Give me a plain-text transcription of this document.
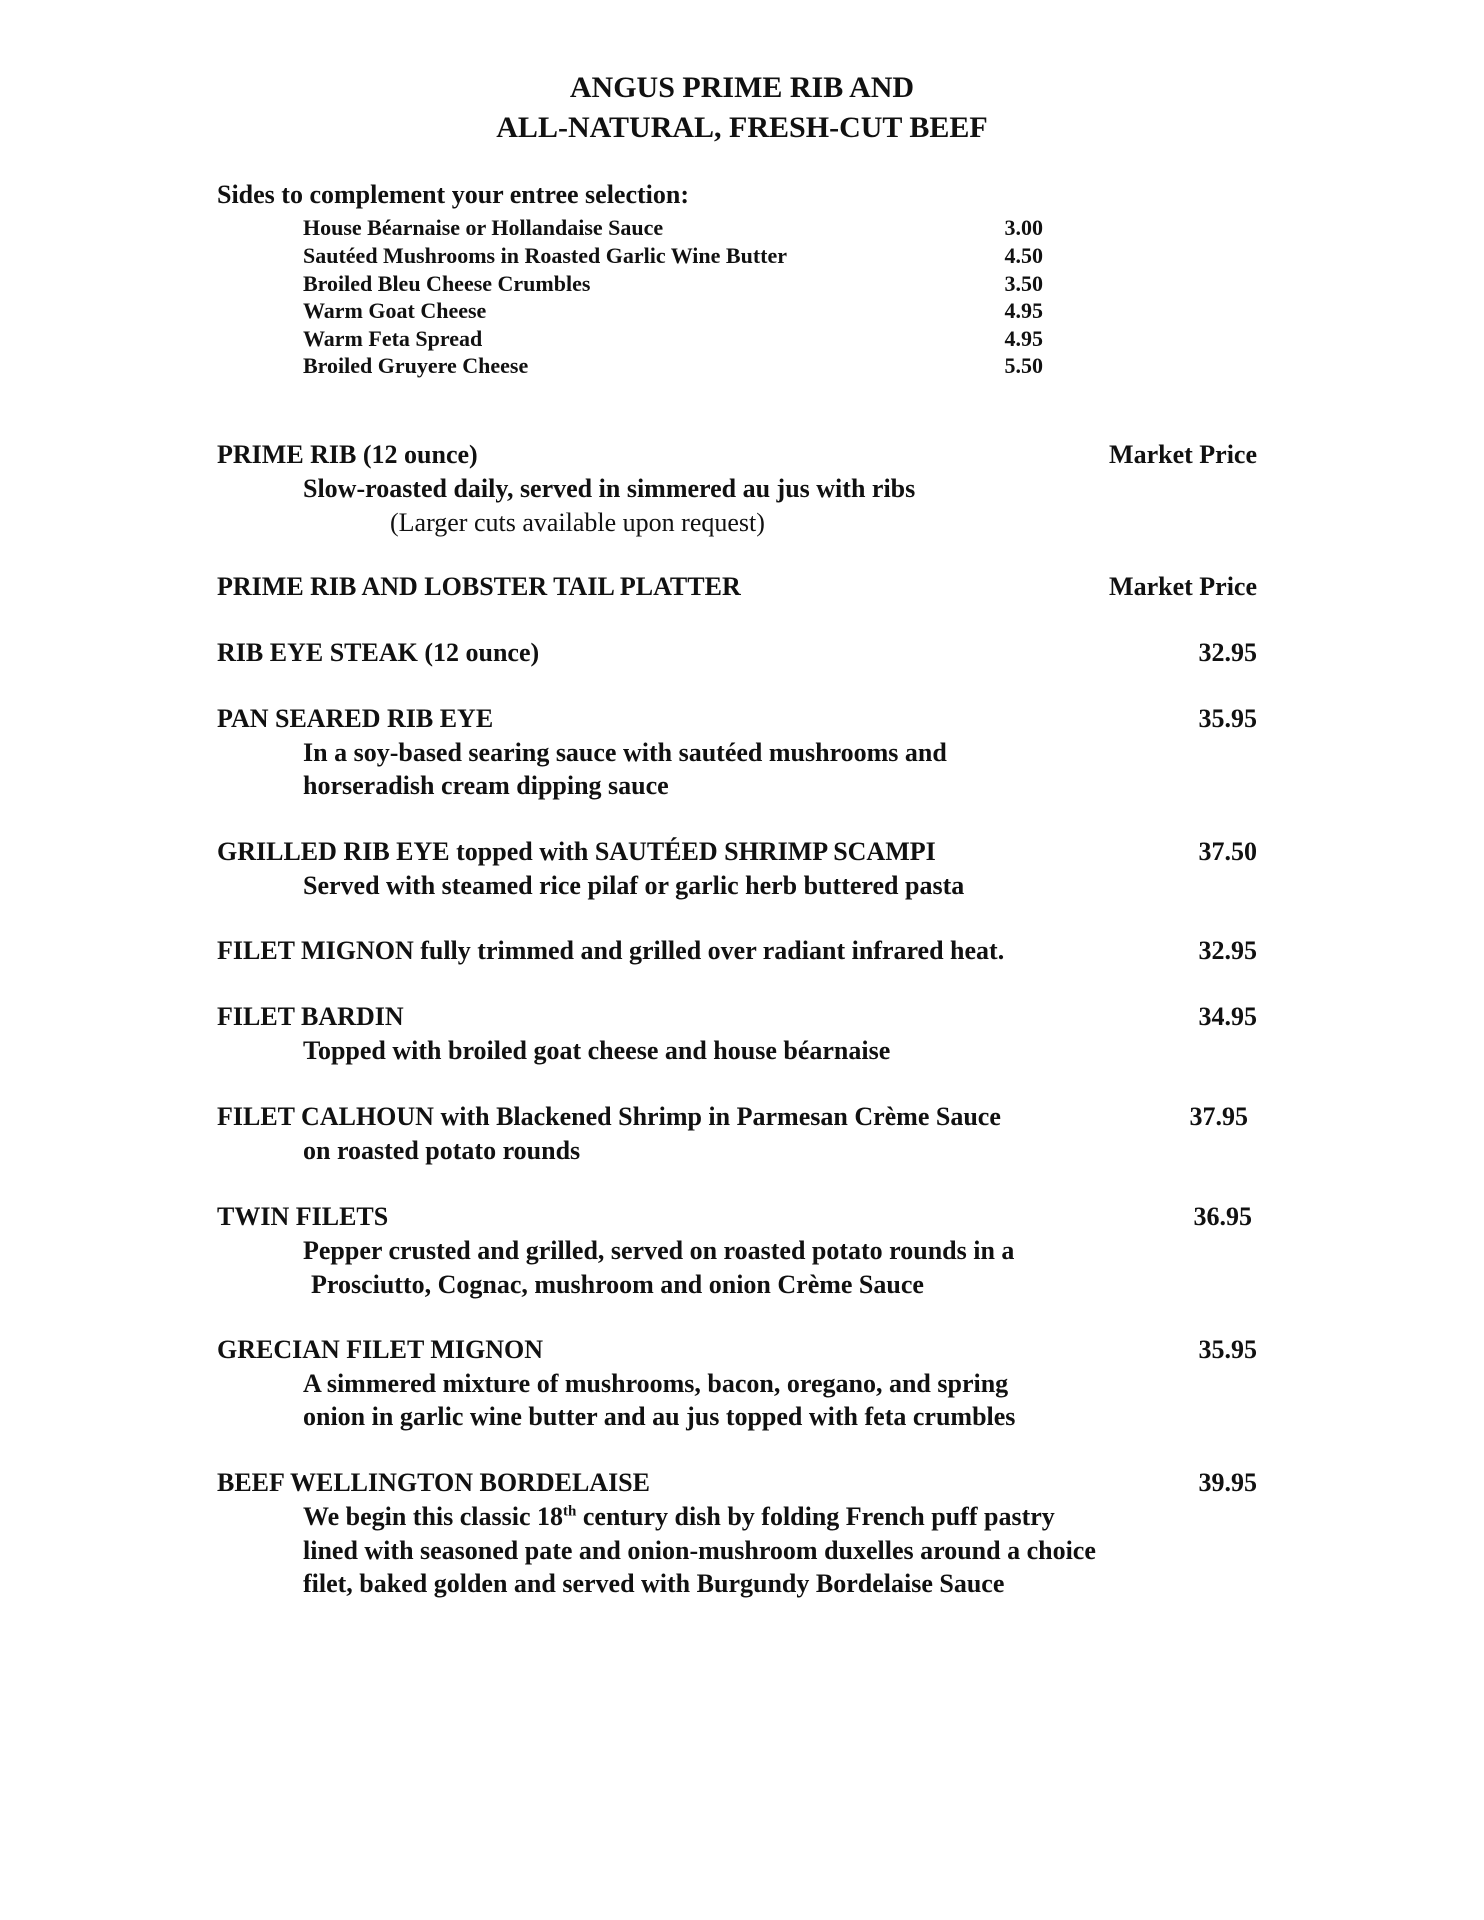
ANGUS PRIME RIB AND
ALL-NATURAL, FRESH-CUT BEEF
Sides to complement your entree selection:
House Béarnaise or Hollandaise Sauce	3.00
Sautéed Mushrooms in Roasted Garlic Wine Butter	4.50
Broiled Bleu Cheese Crumbles	3.50
Warm Goat Cheese	4.95
Warm Feta Spread	4.95
Broiled Gruyere Cheese	5.50
PRIME RIB (12 ounce)	Market Price
Slow-roasted daily, served in simmered au jus with ribs
(Larger cuts available upon request)
PRIME RIB AND LOBSTER TAIL PLATTER	Market Price
RIB EYE STEAK (12 ounce)	32.95
PAN SEARED RIB EYE	35.95
In a soy-based searing sauce with sautéed mushrooms and
horseradish cream dipping sauce
GRILLED RIB EYE topped with SAUTÉED SHRIMP SCAMPI	37.50
Served with steamed rice pilaf or garlic herb buttered pasta
FILET MIGNON fully trimmed and grilled over radiant infrared heat.	32.95
FILET BARDIN	34.95
Topped with broiled goat cheese and house béarnaise
FILET CALHOUN with Blackened Shrimp in Parmesan Crème Sauce	37.95
on roasted potato rounds
TWIN FILETS	36.95
Pepper crusted and grilled, served on roasted potato rounds in a
Prosciutto, Cognac, mushroom and onion Crème Sauce
GRECIAN FILET MIGNON	35.95
A simmered mixture of mushrooms, bacon, oregano, and spring
onion in garlic wine butter and au jus topped with feta crumbles
BEEF WELLINGTON BORDELAISE	39.95
We begin this classic 18th century dish by folding French puff pastry
lined with seasoned pate and onion-mushroom duxelles around a choice
filet, baked golden and served with Burgundy Bordelaise Sauce
